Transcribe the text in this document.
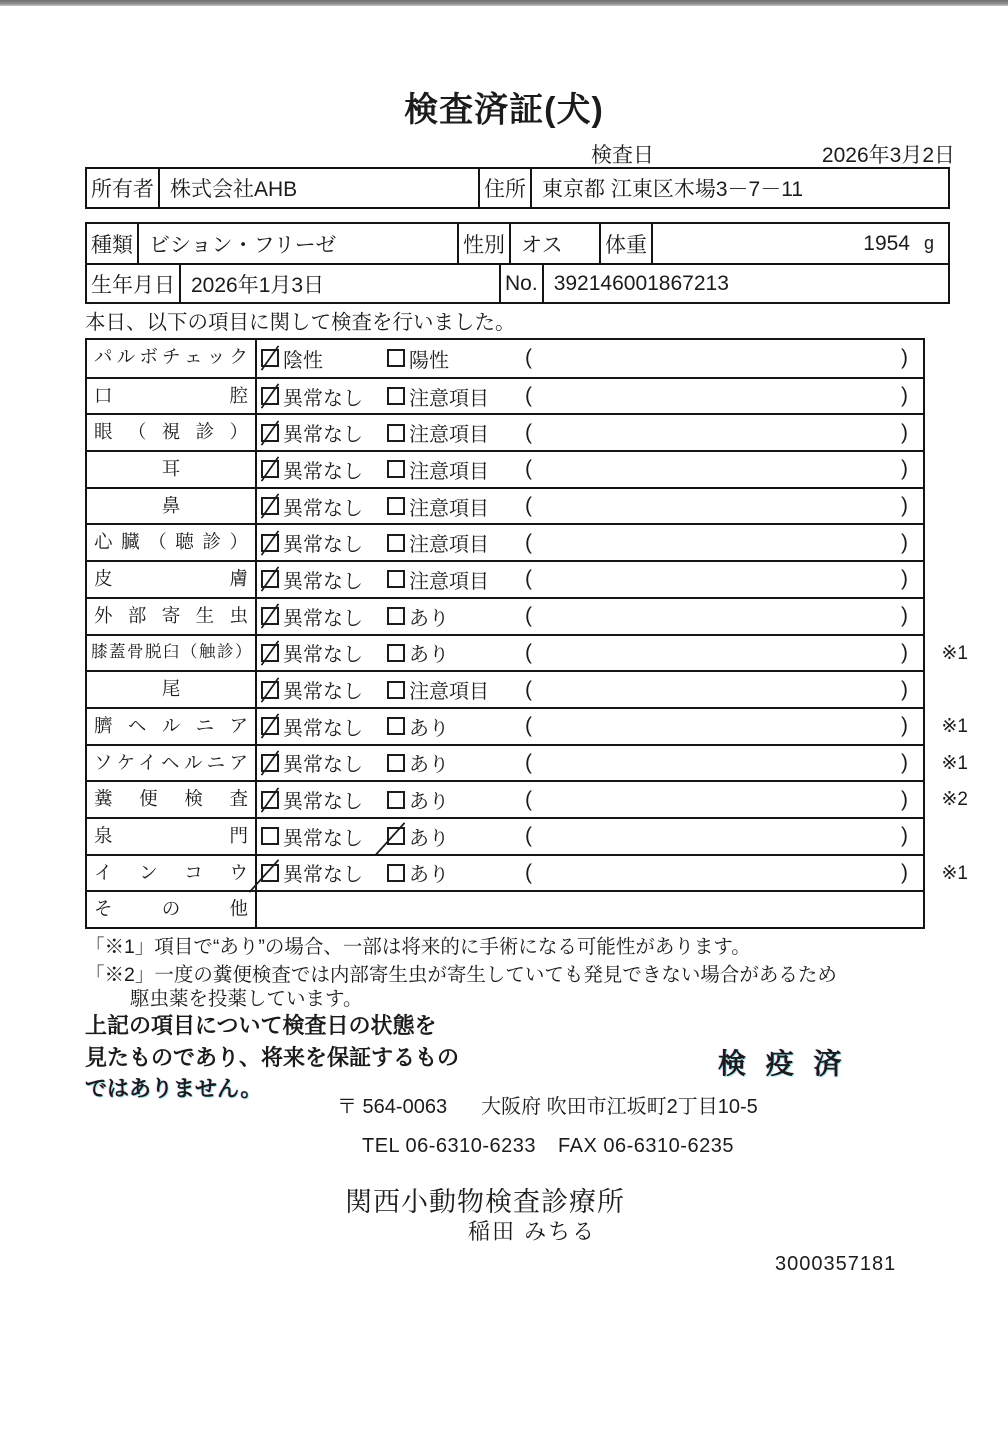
検査済証(犬)
検査日	2026年3月2日
所有者 株式会社AHB	住所 東京都 江東区木場3－7－11
種類 ビション・フリーゼ	性別 オス	体重	1954 g
生年月日 2026年1月3日	No. 392146001867213
本日、以下の項目に関して検査を行いました。
パルボチェック	陰性	陽性	(	)
口腔	異常なし 注意項目 (	)
眼（視診）	異常なし 注意項目 (	)
耳	異常なし 注意項目 (	)
鼻	異常なし 注意項目 (	)
心臓（聴診）	異常なし 注意項目 (	)
皮膚	異常なし 注意項目 (	)
外部寄生虫	異常なし あり	(	)
膝蓋骨脱臼（触診）	異常なし あり	(	) ※1
尾	異常なし 注意項目 (	)
臍ヘルニア	異常なし あり	(	) ※1
ソケイヘルニア	異常なし あり	(	) ※1
糞便検査	異常なし あり	(	) ※2
泉門	異常なし あり	(	)
インコウ	異常なし あり	(	) ※1
その他
「※1」項目で“あり”の場合、一部は将来的に手術になる可能性があります。
「※2」一度の糞便検査では内部寄生虫が寄生していても発見できない場合があるため
駆虫薬を投薬しています。
上記の項目について検査日の状態を
見たものであり、将来を保証するもの
ではありません。
検 疫 済
〒 564-0063 大阪府 吹田市江坂町2丁目10-5
TEL 06-6310-6233 FAX 06-6310-6235
関西小動物検査診療所
稲田 みちる
3000357181
